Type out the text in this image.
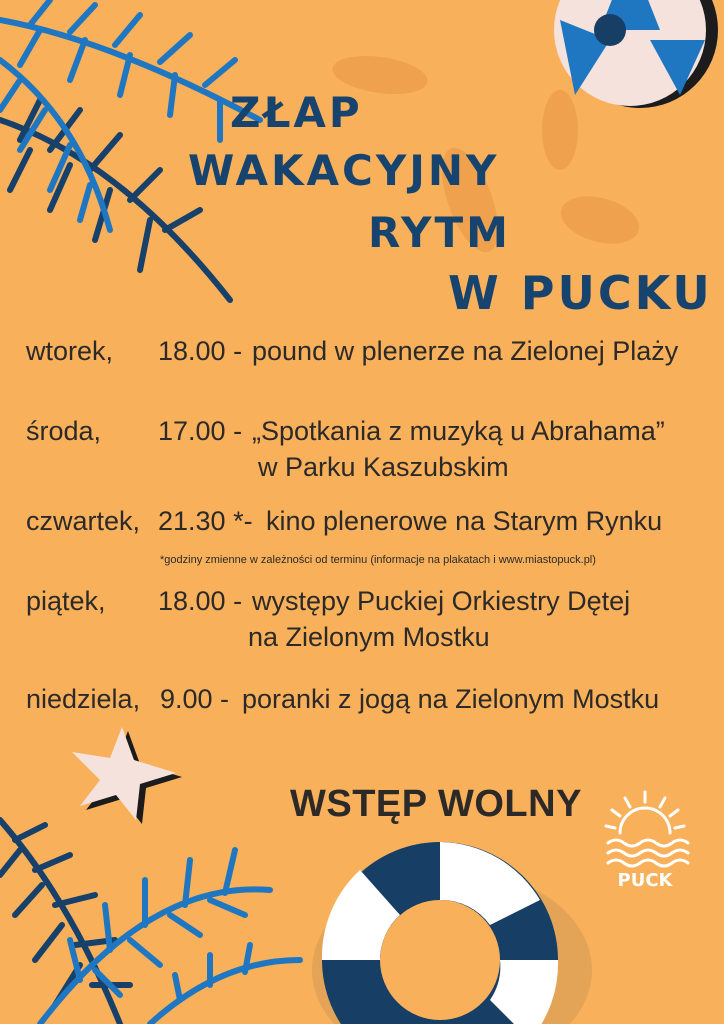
ZŁAP
WAKACYJNY
RYTM
W PUCKU
wtorek, 18.00 - pound w plenerze na Zielonej Plaży
środa, 17.00 - „Spotkania z muzyką u Abrahama”
w Parku Kaszubskim
czwartek, 21.30 *- kino plenerowe na Starym Rynku
*godziny zmienne w zależności od terminu (informacje na plakatach i www.miastopuck.pl)
piątek, 18.00 - występy Puckiej Orkiestry Dętej
na Zielonym Mostku
niedziela, 9.00 - poranki z jogą na Zielonym Mostku
WSTĘP WOLNY
PUCK
